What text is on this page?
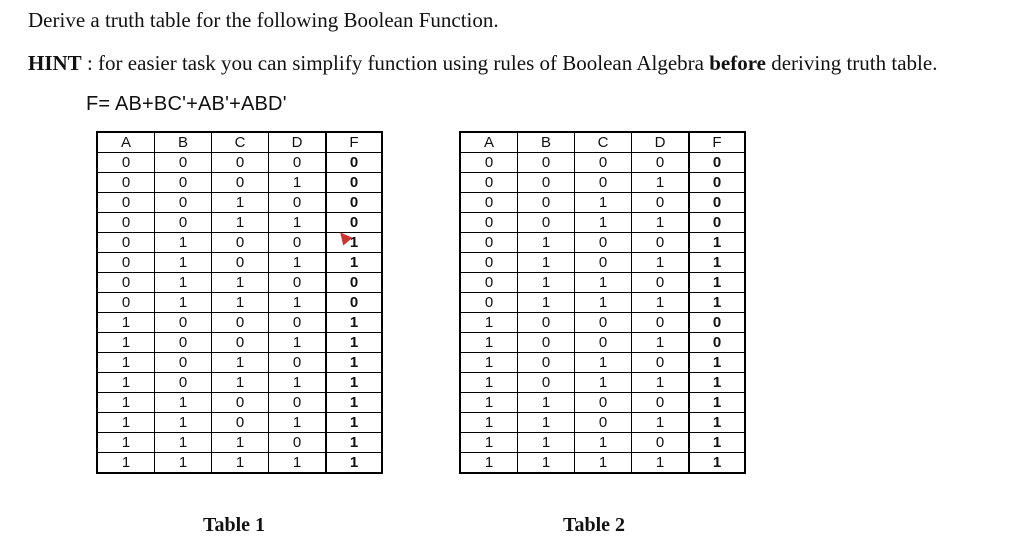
Derive a truth table for the following Boolean Function.

HINT : for easier task you can simplify function using rules of Boolean Algebra before deriving truth table.

F= AB+BC'+AB'+ABD'

A	B	C	D	F
0	0	0	0	0
0	0	0	1	0
0	0	1	0	0
0	0	1	1	0
0	1	0	0	1
0	1	0	1	1
0	1	1	0	0
0	1	1	1	0
1	0	0	0	1
1	0	0	1	1
1	0	1	0	1
1	0	1	1	1
1	1	0	0	1
1	1	0	1	1
1	1	1	0	1
1	1	1	1	1
A	B	C	D	F
0	0	0	0	0
0	0	0	1	0
0	0	1	0	0
0	0	1	1	0
0	1	0	0	1
0	1	0	1	1
0	1	1	0	1
0	1	1	1	1
1	0	0	0	0
1	0	0	1	0
1	0	1	0	1
1	0	1	1	1
1	1	0	0	1
1	1	0	1	1
1	1	1	0	1
1	1	1	1	1

Table 1	Table 2
